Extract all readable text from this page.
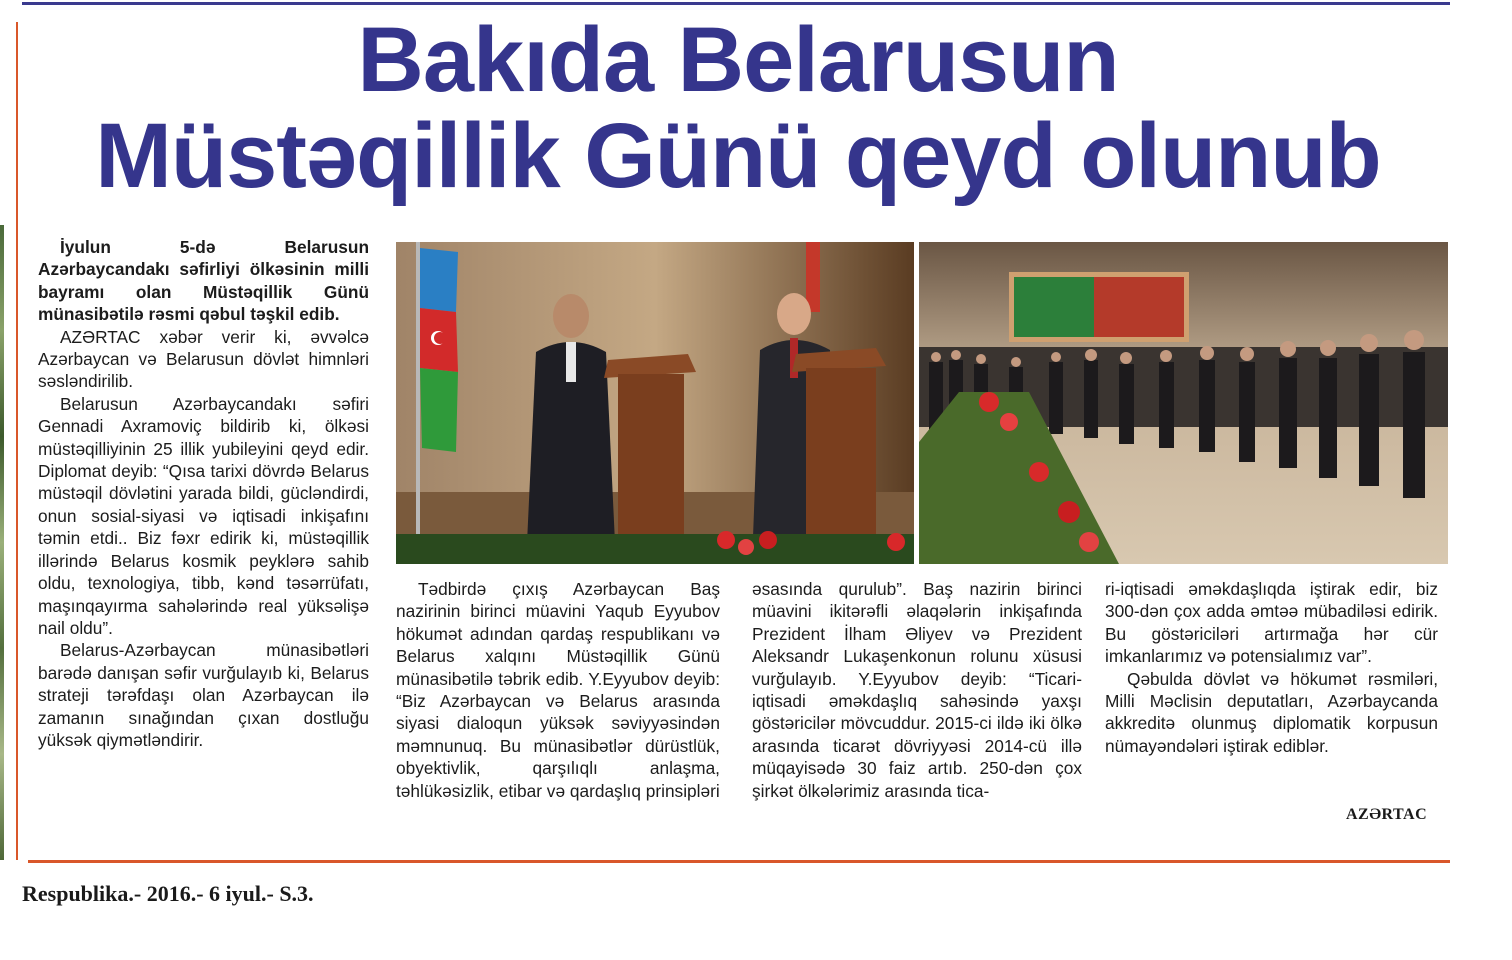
Bakıda Belarusun
Müstəqillik Günü qeyd olunub

İyulun 5-də Belarusun Azərbaycandakı səfirliyi ölkəsinin milli bayramı olan Müstəqillik Günü münasibətilə rəsmi qəbul təşkil edib.

AZƏRTAC xəbər verir ki, əvvəlcə Azərbaycan və Belarusun dövlət himnləri səsləndirilib.

Belarusun Azərbaycandakı səfiri Gennadi Axramoviç bildirib ki, ölkəsi müstəqilliyinin 25 illik yubileyini qeyd edir. Diplomat deyib: “Qısa tarixi dövrdə Belarus müstəqil dövlətini yarada bildi, gücləndirdi, onun sosial-siyasi və iqtisadi inkişafını təmin etdi.. Biz fəxr edirik ki, müstəqillik illərində Belarus kosmik peyklərə sahib oldu, texnologiya, tibb, kənd təsərrüfatı, maşınqayırma sahələrində real yüksəlişə nail oldu”.

Belarus-Azərbaycan münasibətləri barədə danışan səfir vurğulayıb ki, Belarus strateji tərəfdaşı olan Azərbaycan ilə zamanın sınağından çıxan dostluğu yüksək qiymətləndirir.

Tədbirdə çıxış Azərbaycan Baş nazirinin birinci müavini Yaqub Eyyubov hökumət adından qardaş respublikanı və Belarus xalqını Müstəqillik Günü münasibətilə təbrik edib. Y.Eyyubov deyib: “Biz Azərbaycan və Belarus arasında siyasi dialoqun yüksək səviyyəsindən məmnunuq. Bu münasibətlər dürüstlük, obyektivlik, qarşılıqlı anlaşma, təhlükəsizlik, etibar və qardaşlıq prinsipləri

əsasında qurulub”. Baş nazirin birinci müavini ikitərəfli əlaqələrin inkişafında Prezident İlham Əliyev və Prezident Aleksandr Lukaşenkonun rolunu xüsusi vurğulayıb. Y.Eyyubov deyib: “Ticari-iqtisadi əməkdaşlıq sahəsində yaxşı göstəricilər mövcuddur. 2015-ci ildə iki ölkə arasında ticarət dövriyyəsi 2014-cü illə müqayisədə 30 faiz artıb. 250-dən çox şirkət ölkələrimiz arasında tica-

ri-iqtisadi əməkdaşlıqda iştirak edir, biz 300-dən çox adda əmtəə mübadiləsi edirik. Bu göstəriciləri artırmağa hər cür imkanlarımız və potensialımız var”.

Qəbulda dövlət və hökumət rəsmiləri, Milli Məclisin deputatları, Azərbaycanda akkreditə olunmuş diplomatik korpusun nümayəndələri iştirak ediblər.

AZƏRTAC
Respublika.- 2016.- 6 iyul.- S.3.
